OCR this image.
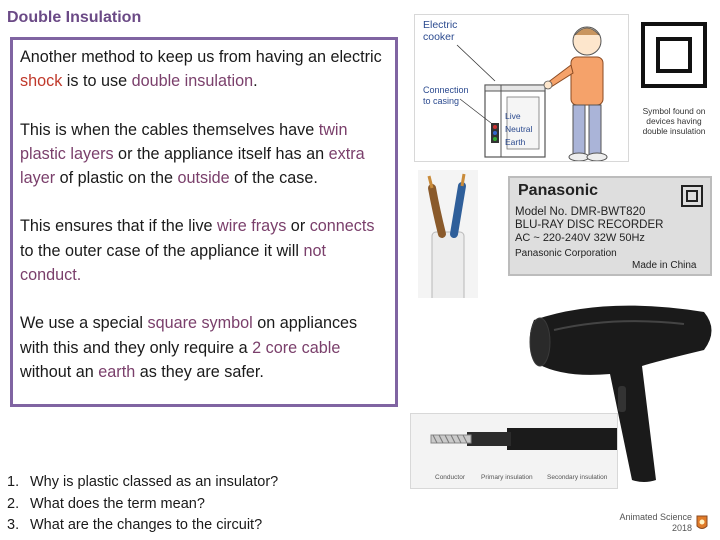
Double Insulation

Another method to keep us from having an electric shock is to use double insulation.

This is when the cables themselves have twin plastic layers or the appliance itself has an extra layer of plastic on the outside of the case.

This ensures that if the live wire frays or connects to the outer case of the appliance it will not conduct.

We use a special square symbol on appliances with this and they only require a 2 core cable without an earth as they are safer.

1. Why is plastic classed as an insulator?
2. What does the term mean?
3. What are the changes to the circuit?
Electric
cooker
Connection
to casing
Live
Neutral
Earth
Symbol found on
devices having
double insulation
Panasonic
Model No. DMR-BWT820
BLU-RAY DISC RECORDER
AC ~ 220-240V 32W 50Hz
Panasonic Corporation
Made in China
Conductor Primary insulation Secondary insulation
Animated Science
2018
